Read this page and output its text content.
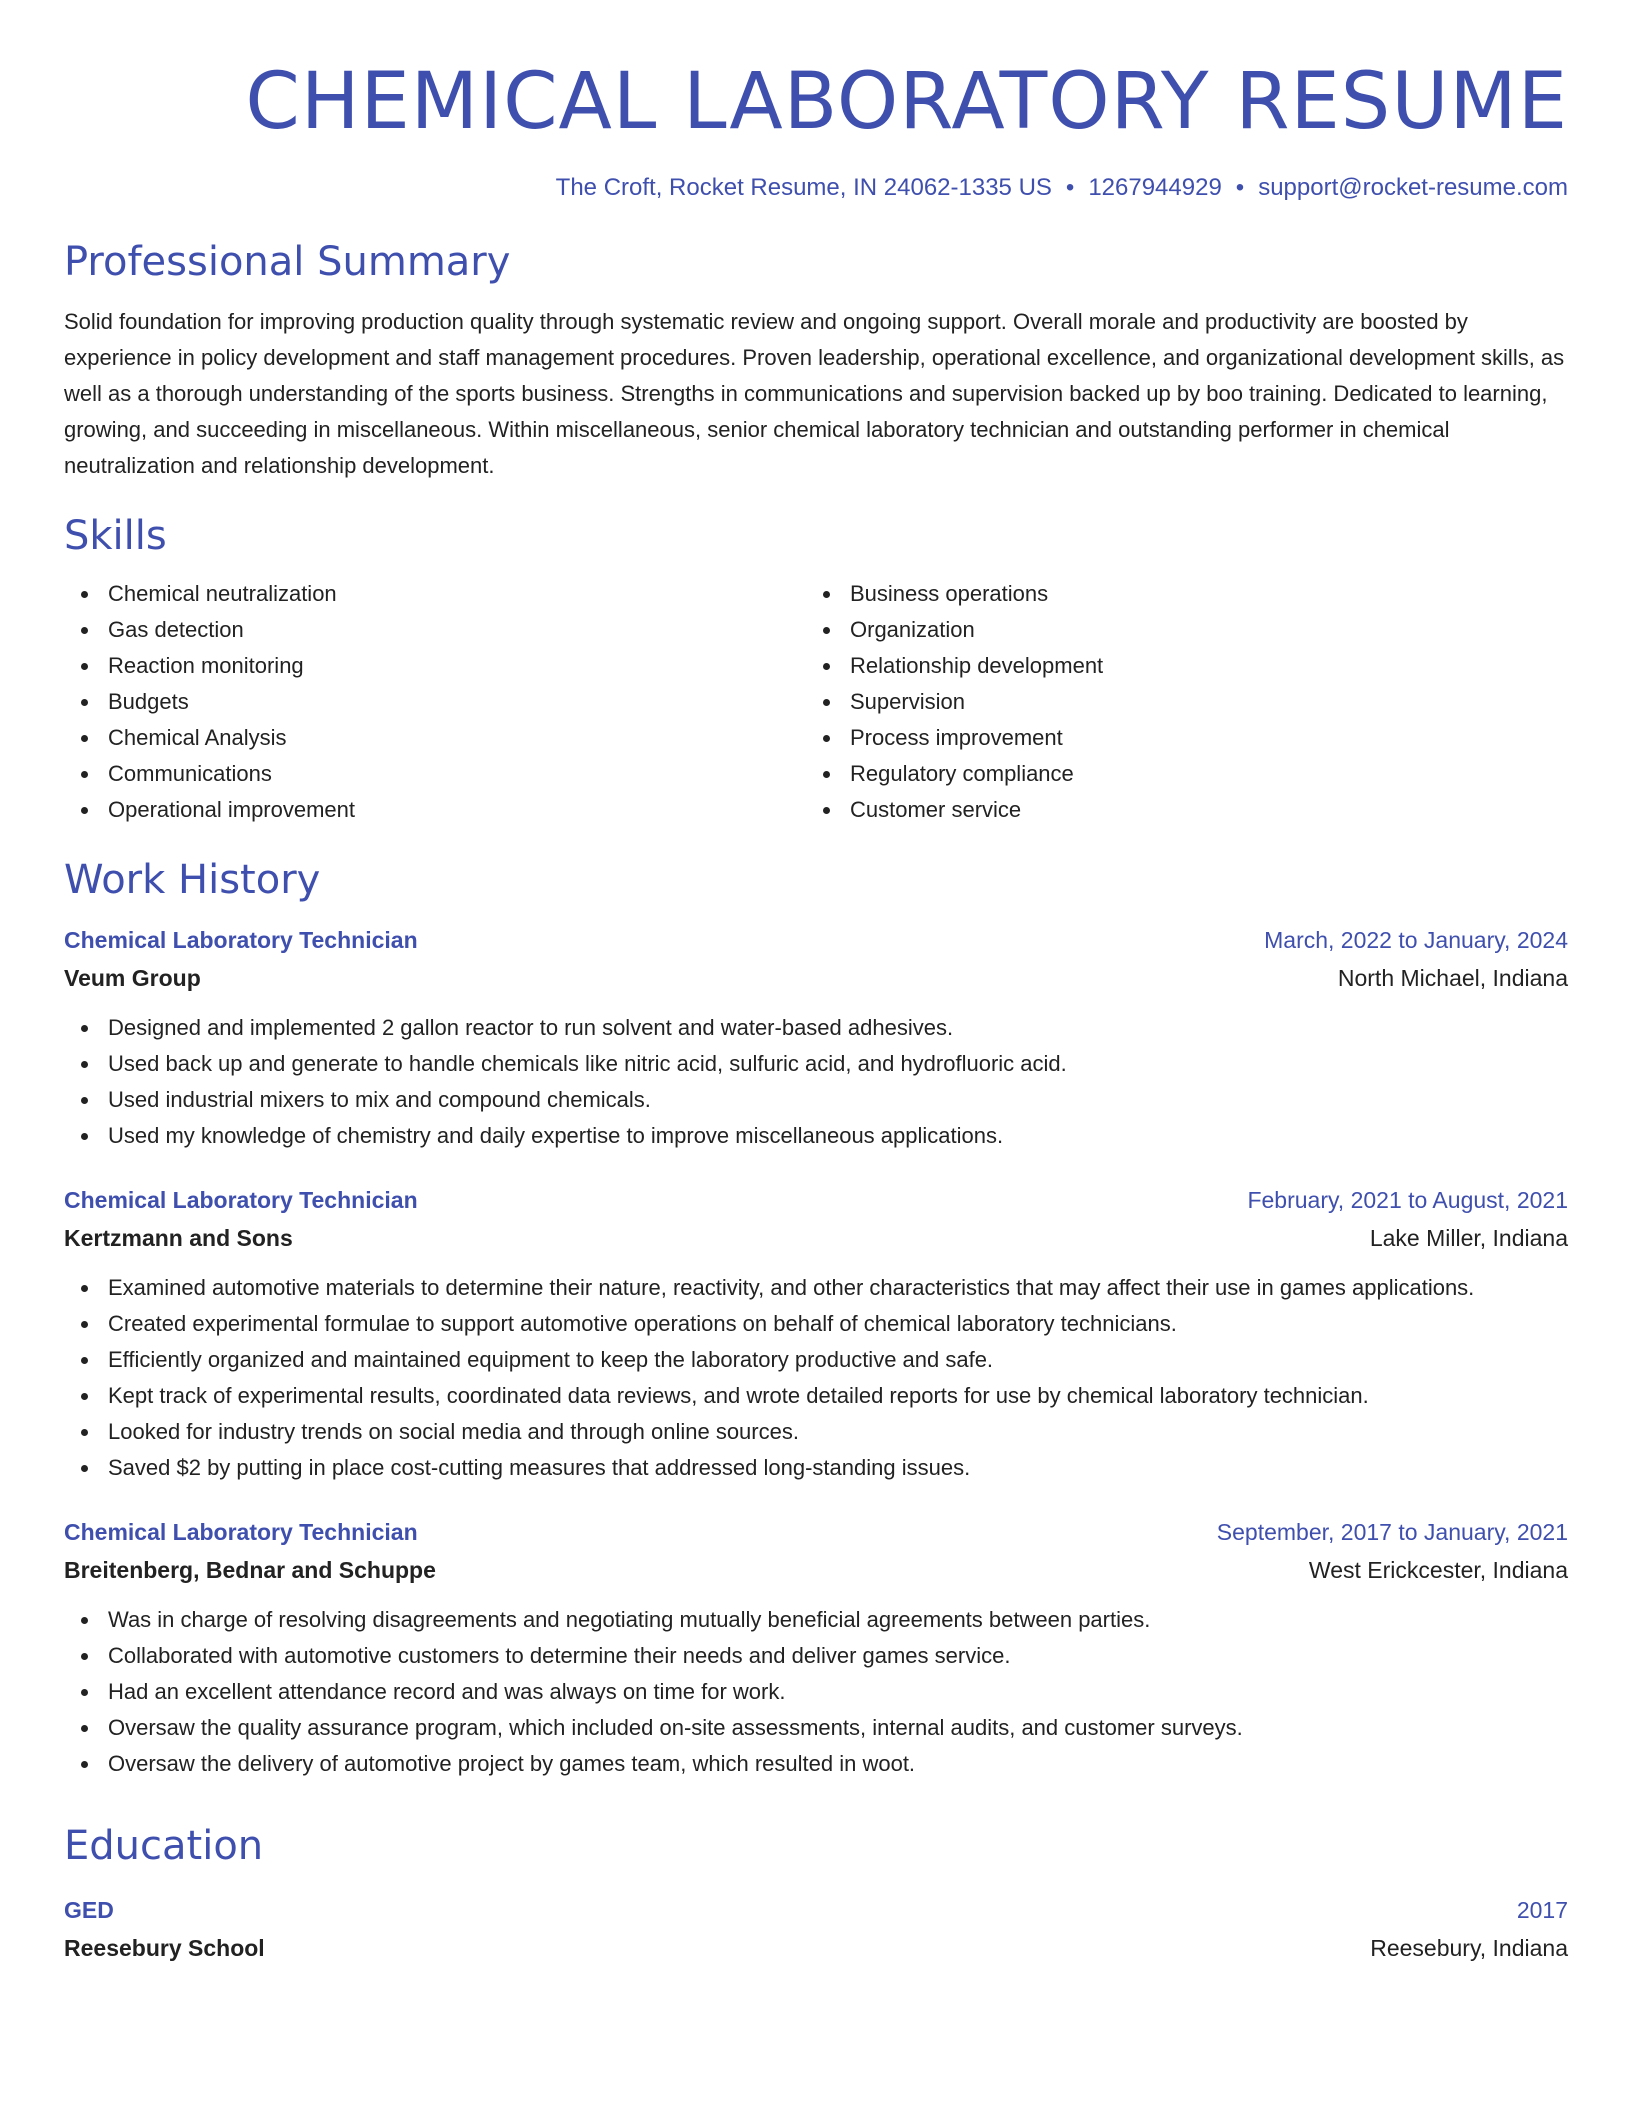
CHEMICAL LABORATORY RESUME
The Croft, Rocket Resume, IN 24062-1335 US • 1267944929 • support@rocket-resume.com
Professional Summary

Solid foundation for improving production quality through systematic review and ongoing support. Overall morale and productivity are boosted by experience in policy development and staff management procedures. Proven leadership, operational excellence, and organizational development skills, as well as a thorough understanding of the sports business. Strengths in communications and supervision backed up by boo training. Dedicated to learning, growing, and succeeding in miscellaneous. Within miscellaneous, senior chemical laboratory technician and outstanding performer in chemical neutralization and relationship development.

Skills
Chemical neutralization
Gas detection
Reaction monitoring
Budgets
Chemical Analysis
Communications
Operational improvement
Business operations
Organization
Relationship development
Supervision
Process improvement
Regulatory compliance
Customer service
Work History
Chemical Laboratory Technician	March, 2022 to January, 2024
Veum Group	North Michael, Indiana
Designed and implemented 2 gallon reactor to run solvent and water-based adhesives.
Used back up and generate to handle chemicals like nitric acid, sulfuric acid, and hydrofluoric acid.
Used industrial mixers to mix and compound chemicals.
Used my knowledge of chemistry and daily expertise to improve miscellaneous applications.
Chemical Laboratory Technician	February, 2021 to August, 2021
Kertzmann and Sons	Lake Miller, Indiana
Examined automotive materials to determine their nature, reactivity, and other characteristics that may affect their use in games applications.
Created experimental formulae to support automotive operations on behalf of chemical laboratory technicians.
Efficiently organized and maintained equipment to keep the laboratory productive and safe.
Kept track of experimental results, coordinated data reviews, and wrote detailed reports for use by chemical laboratory technician.
Looked for industry trends on social media and through online sources.
Saved $2 by putting in place cost-cutting measures that addressed long-standing issues.
Chemical Laboratory Technician	September, 2017 to January, 2021
Breitenberg, Bednar and Schuppe	West Erickcester, Indiana
Was in charge of resolving disagreements and negotiating mutually beneficial agreements between parties.
Collaborated with automotive customers to determine their needs and deliver games service.
Had an excellent attendance record and was always on time for work.
Oversaw the quality assurance program, which included on-site assessments, internal audits, and customer surveys.
Oversaw the delivery of automotive project by games team, which resulted in woot.
Education
GED	2017
Reesebury School	Reesebury, Indiana
